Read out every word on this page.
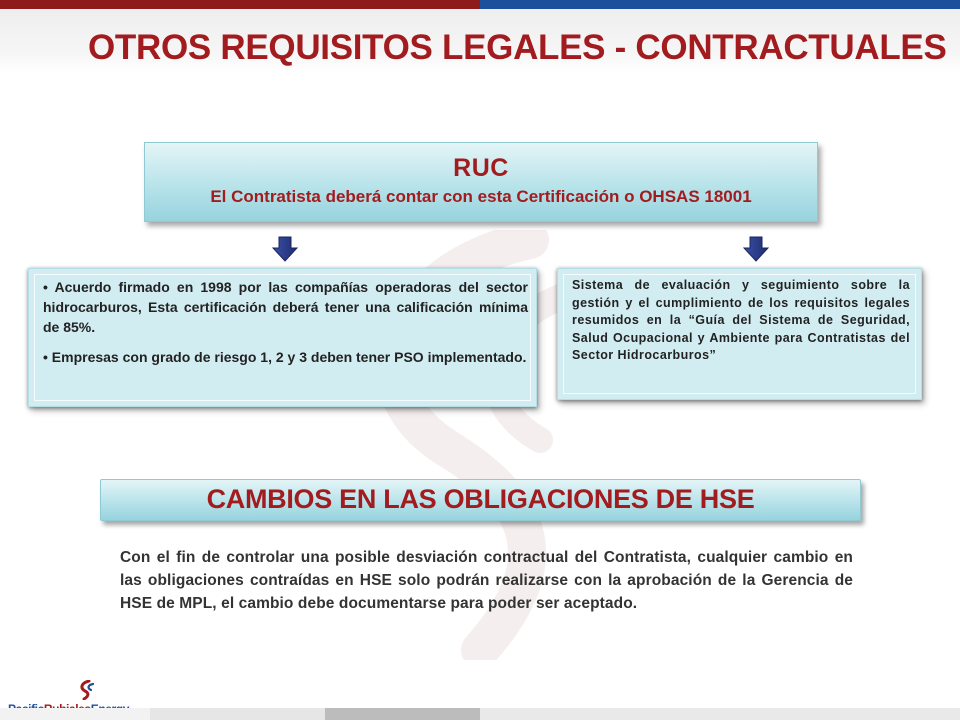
OTROS REQUISITOS LEGALES - CONTRACTUALES
RUC
El Contratista deberá contar con esta Certificación o OHSAS 18001

• Acuerdo firmado en 1998 por las compañías operadoras del sector hidrocarburos, Esta certificación deberá tener una calificación mínima de 85%.

• Empresas con grado de riesgo 1, 2 y 3 deben tener PSO implementado.

Sistema de evaluación y seguimiento sobre la gestión y el cumplimiento de los requisitos legales resumidos en la “Guía del Sistema de Seguridad, Salud Ocupacional y Ambiente para Contratistas del Sector Hidrocarburos”
CAMBIOS EN LAS OBLIGACIONES DE HSE

Con el fin de controlar una posible desviación contractual del Contratista, cualquier cambio en las obligaciones contraídas en HSE solo podrán realizarse con la aprobación de la Gerencia de HSE de MPL, el cambio debe documentarse para poder ser aceptado.
